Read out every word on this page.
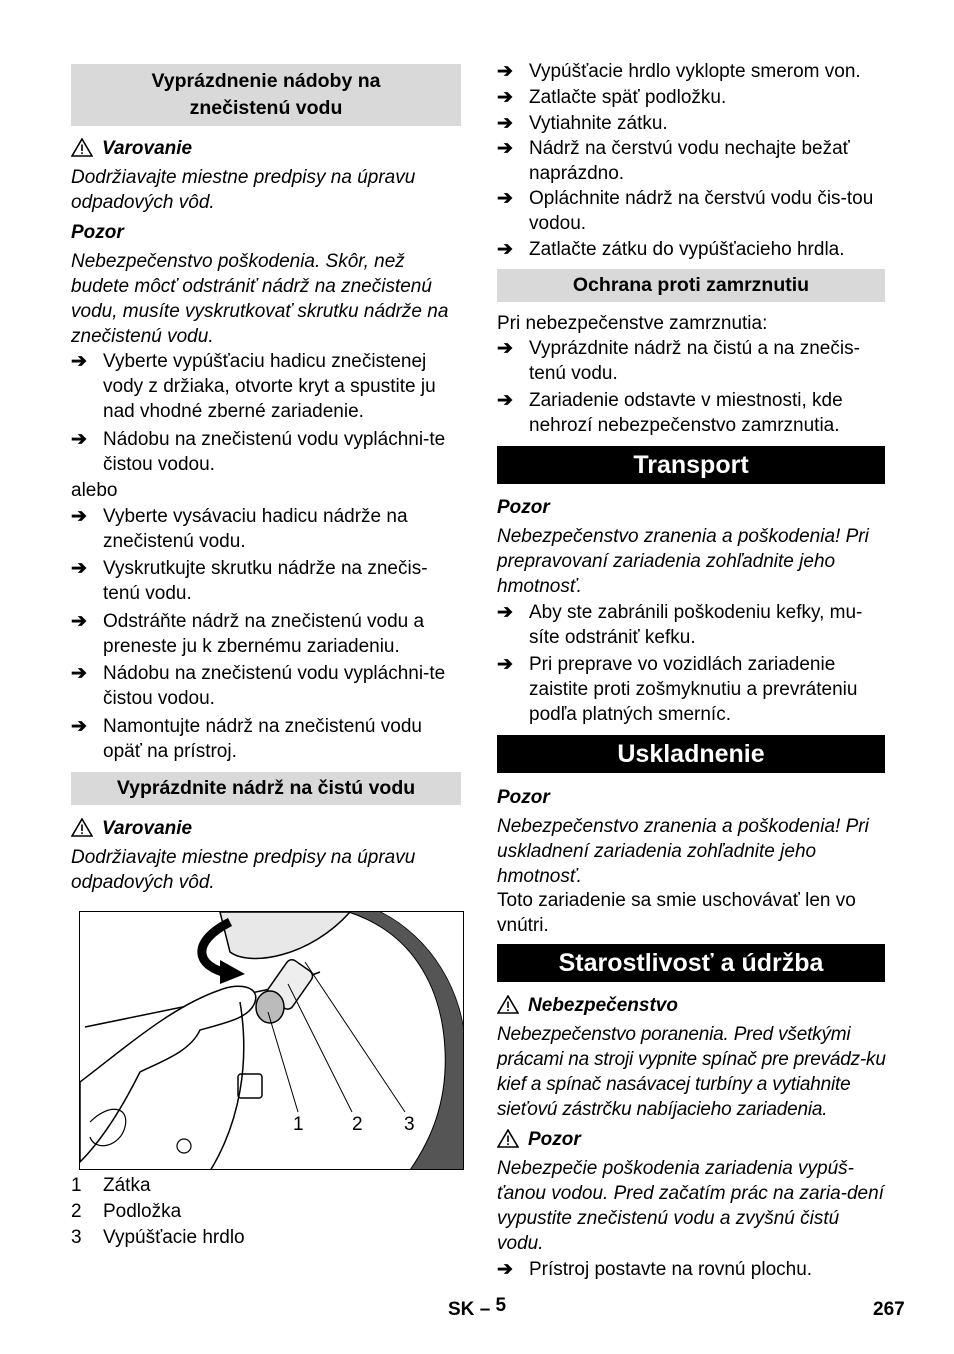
Vyprázdnenie nádoby na
znečistenú vodu
Varovanie
Dodržiavajte miestne predpisy na úpravu odpadových vôd.
Pozor
Nebezpečenstvo poškodenia. Skôr, než budete môcť odstrániť nádrž na znečistenú vodu, musíte vyskrutkovať skrutku nádrže na znečistenú vodu.
➔ Vyberte vypúšťaciu hadicu znečistenej vody z držiaka, otvorte kryt a spustite ju nad vhodné zberné zariadenie.
➔ Nádobu na znečistenú vodu vypláchni-te čistou vodou.
alebo
➔ Vyberte vysávaciu hadicu nádrže na znečistenú vodu.
➔ Vyskrutkujte skrutku nádrže na znečis-tenú vodu.
➔ Odstráňte nádrž na znečistenú vodu a preneste ju k zbernému zariadeniu.
➔ Nádobu na znečistenú vodu vypláchni-te čistou vodou.
➔ Namontujte nádrž na znečistenú vodu opäť na prístroj.
Vyprázdnite nádrž na čistú vodu
Varovanie
Dodržiavajte miestne predpisy na úpravu odpadových vôd.
1	2 3
1 Zátka
2 Podložka
3 Vypúšťacie hrdlo
➔ Vypúšťacie hrdlo vyklopte smerom von.
➔ Zatlačte späť podložku.
➔ Vytiahnite zátku.
➔ Nádrž na čerstvú vodu nechajte bežať naprázdno.
➔ Opláchnite nádrž na čerstvú vodu čis-tou vodou.
➔ Zatlačte zátku do vypúšťacieho hrdla.
Ochrana proti zamrznutiu
Pri nebezpečenstve zamrznutia:
➔ Vyprázdnite nádrž na čistú a na znečis-tenú vodu.
➔ Zariadenie odstavte v miestnosti, kde nehrozí nebezpečenstvo zamrznutia.
Transport
Pozor
Nebezpečenstvo zranenia a poškodenia! Pri prepravovaní zariadenia zohľadnite jeho hmotnosť.
➔ Aby ste zabránili poškodeniu kefky, mu-síte odstrániť kefku.
➔ Pri preprave vo vozidlách zariadenie zaistite proti zošmyknutiu a prevráteniu podľa platných smerníc.
Uskladnenie
Pozor
Nebezpečenstvo zranenia a poškodenia! Pri uskladnení zariadenia zohľadnite jeho hmotnosť.
Toto zariadenie sa smie uschovávať len vo vnútri.
Starostlivosť a údržba
Nebezpečenstvo
Nebezpečenstvo poranenia. Pred všetkými prácami na stroji vypnite spínač pre prevádz-ku kief a spínač nasávacej turbíny a vytiahnite sieťovú zástrčku nabíjacieho zariadenia.
Pozor
Nebezpečie poškodenia zariadenia vypúš-ťanou vodou. Pred začatím prác na zaria-dení vypustite znečistenú vodu a zvyšnú čistú vodu.
➔ Prístroj postavte na rovnú plochu.
SK – 5	267
